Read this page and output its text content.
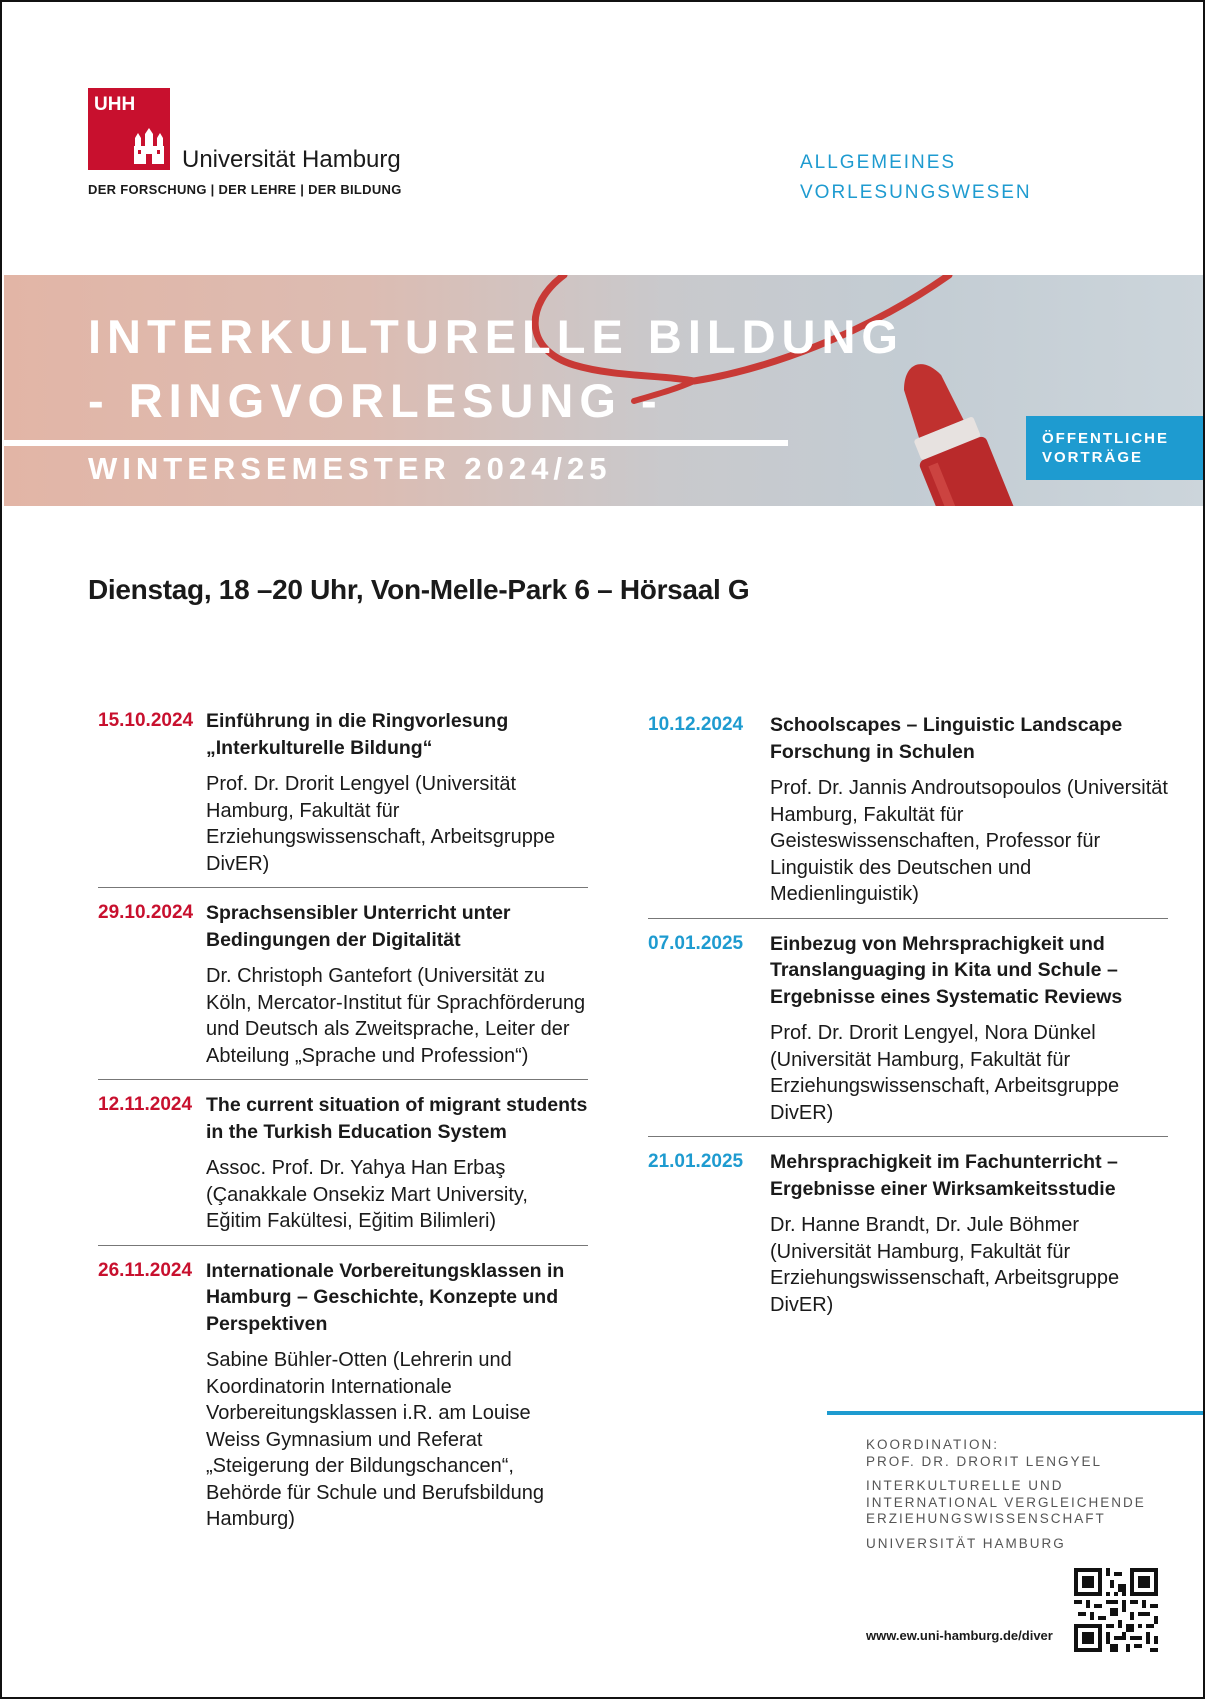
UHH
Universität Hamburg
DER FORSCHUNG | DER LEHRE | DER BILDUNG
ALLGEMEINES
VORLESUNGSWESEN
INTERKULTURELLE BILDUNG
- RINGVORLESUNG -
WINTERSEMESTER 2024/25
ÖFFENTLICHE
VORTRÄGE
Dienstag, 18 –20 Uhr, Von-Melle-Park 6 – Hörsaal G
15.10.2024 Einführung in die Ringvorlesung „Interkulturelle Bildung“
Prof. Dr. Drorit Lengyel (Universität Hamburg, Fakultät für Erziehungswissenschaft, Arbeitsgruppe DivER)
29.10.2024 Sprachsensibler Unterricht unter Bedingungen der Digitalität
Dr. Christoph Gantefort (Universität zu Köln, Mercator-Institut für Sprachförderung und Deutsch als Zweitsprache, Leiter der Abteilung „Sprache und Profession“)
12.11.2024 The current situation of migrant students in the Turkish Education System
Assoc. Prof. Dr. Yahya Han Erbaş (Çanakkale Onsekiz Mart University, Eğitim Fakültesi, Eğitim Bilimleri)
26.11.2024 Internationale Vorbereitungsklassen in Hamburg – Geschichte, Konzepte und Perspektiven
Sabine Bühler-Otten (Lehrerin und Koordinatorin Internationale Vorbereitungsklassen i.R. am Louise Weiss Gymnasium und Referat „Steigerung der Bildungschancen“, Behörde für Schule und Berufsbildung Hamburg)
10.12.2024	Schoolscapes – Linguistic Landscape Forschung in Schulen
Prof. Dr. Jannis Androutsopoulos (Universität Hamburg, Fakultät für Geisteswissenschaften, Professor für Linguistik des Deutschen und Medienlinguistik)
07.01.2025	Einbezug von Mehrsprachigkeit und Translanguaging in Kita und Schule – Ergebnisse eines Systematic Reviews
Prof. Dr. Drorit Lengyel, Nora Dünkel (Universität Hamburg, Fakultät für Erziehungswissenschaft, Arbeitsgruppe DivER)
21.01.2025	Mehrsprachigkeit im Fachunterricht – Ergebnisse einer Wirksamkeitsstudie
Dr. Hanne Brandt, Dr. Jule Böhmer (Universität Hamburg, Fakultät für Erziehungswissenschaft, Arbeitsgruppe DivER)
KOORDINATION:
PROF. DR. DRORIT LENGYEL
INTERKULTURELLE UND
INTERNATIONAL VERGLEICHENDE
ERZIEHUNGSWISSENSCHAFT
UNIVERSITÄT HAMBURG
www.ew.uni-hamburg.de/diver
